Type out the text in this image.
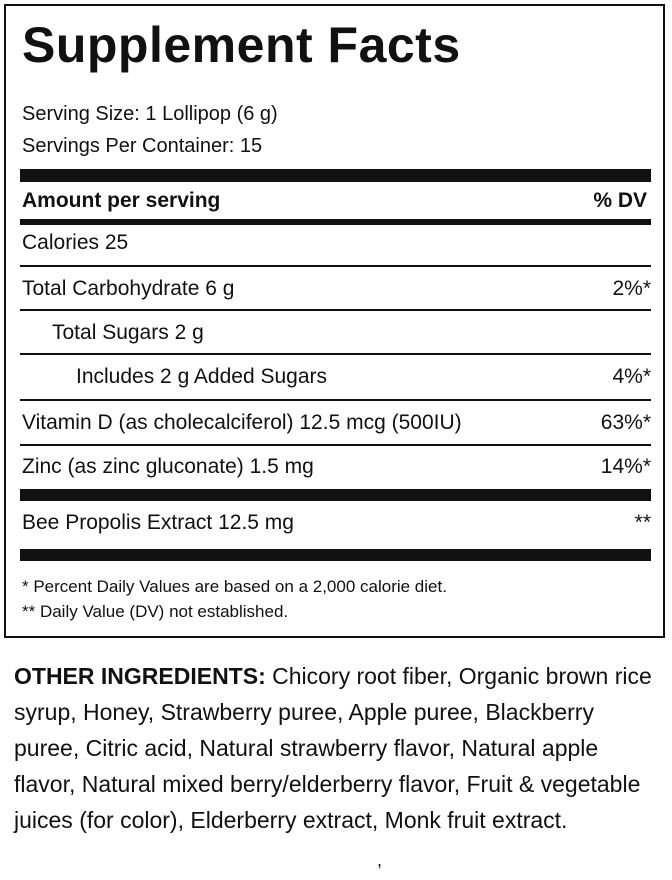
Supplement Facts
Serving Size: 1 Lollipop (6 g)
Servings Per Container: 15
Amount per serving	% DV
Calories 25
Total Carbohydrate 6 g	2%*
Total Sugars 2 g
Includes 2 g Added Sugars	4%*
Vitamin D (as cholecalciferol) 12.5 mcg (500IU)	63%*
Zinc (as zinc gluconate) 1.5 mg	14%*
Bee Propolis Extract 12.5 mg	**
* Percent Daily Values are based on a 2,000 calorie diet.
** Daily Value (DV) not established.
OTHER INGREDIENTS: Chicory root fiber, Organic brown rice syrup, Honey, Strawberry puree, Apple puree, Blackberry puree, Citric acid, Natural strawberry flavor, Natural apple flavor, Natural mixed berry/elderberry flavor, Fruit & vegetable juices (for color), Elderberry extract, Monk fruit extract.
,
